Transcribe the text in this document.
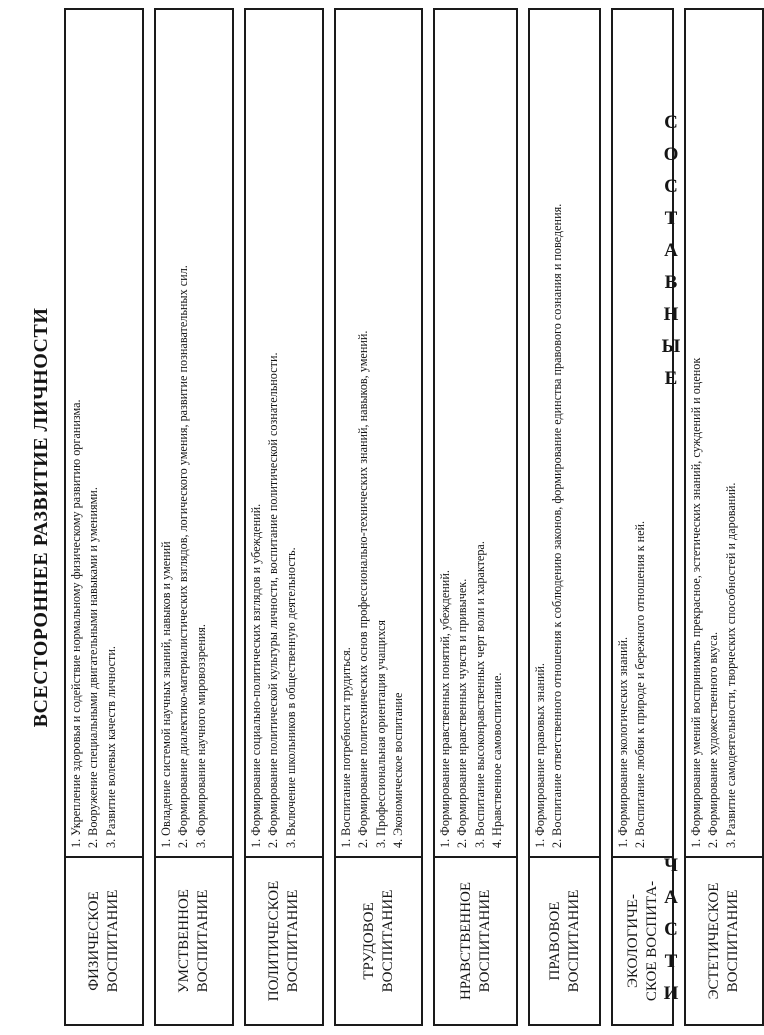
ВСЕСТОРОННЕЕ РАЗВИТИЕ ЛИЧНОСТИ
ФИЗИЧЕСКОЕ
ВОСПИТАНИЕ
1. Укрепление здоровья и содействие нормальному физическому развитию организма. 2. Вооружение специальными двигательными навыками и умениями. 3. Развитие волевых качеств личности.
УМСТВЕННОЕ
ВОСПИТАНИЕ
1. Овладение системой научных знаний, навыков и умений 2. Формирование диалектико-материалистических взглядов, логического умения, развитие познавательных сил. 3. Формирование научного мировоззрения.
ПОЛИТИЧЕСКОЕ
ВОСПИТАНИЕ
1. Формирование социально-политических взглядов и убеждений. 2. Формирование политической культуры личности, воспитание политической сознательности. 3. Включение школьников в общественную деятельность.
ТРУДОВОЕ
ВОСПИТАНИЕ
1. Воспитание потребности трудиться. 2. Формирование политехнических основ профессионально-технических знаний, навыков, умений. 3. Профессиональная ориентация учащихся 4. Экономическое воспитание
НРАВСТВЕННОЕ
ВОСПИТАНИЕ
1. Формирование нравственных понятий, убеждений. 2. Формирование нравственных чувств и привычек. 3. Воспитание высоконравственных черт воли и характера. 4. Нравственное самовоспитание.
ПРАВОВОЕ
ВОСПИТАНИЕ
1. Формирование правовых знаний. 2. Воспитание ответственного отношения к соблюдению законов, формирование единства правового сознания и поведения.
ЭКОЛОГИЧЕ-
СКОЕ ВОСПИТА-
1. Формирование экологических знаний. 2. Воспитание любви к природе и бережного отношения к ней.
ЭСТЕТИЧЕСКОЕ
ВОСПИТАНИЕ
1. Формирование умений воспринимать прекрасное, эстетических знаний, суждений и оценок 2. Формирование художественного вкуса. 3. Развитие самодеятельности, творческих способностей и дарований.
Е
Ы
Н
В
А
Т
С
О
С
И
Т
С
А
Ч
